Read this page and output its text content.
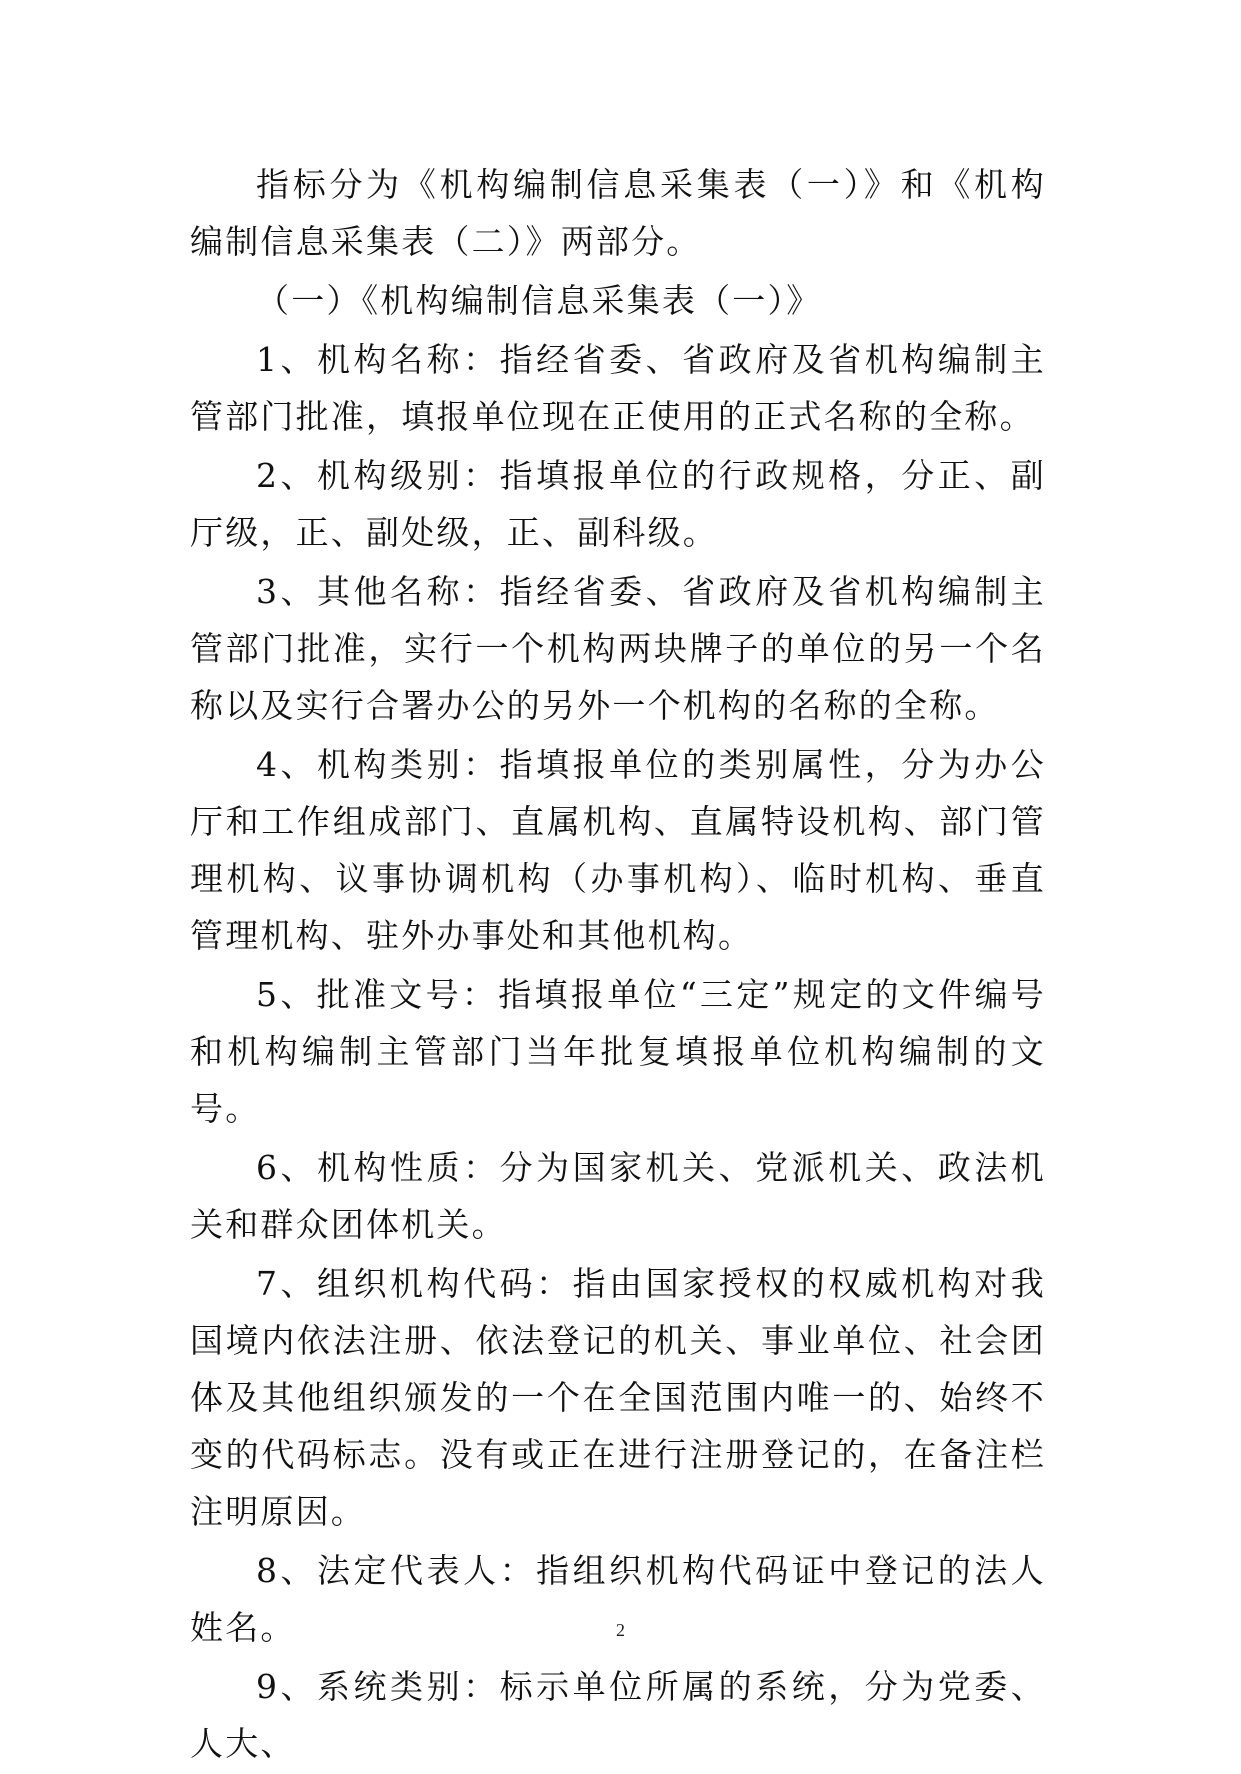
指标分为《机构编制信息采集表（一）》和《机构编制信息采集表（二）》两部分。

（一）《机构编制信息采集表（一）》

1、机构名称：指经省委、省政府及省机构编制主管部门批准，填报单位现在正使用的正式名称的全称。

2、机构级别：指填报单位的行政规格，分正、副厅级，正、副处级，正、副科级。

3、其他名称：指经省委、省政府及省机构编制主管部门批准，实行一个机构两块牌子的单位的另一个名称以及实行合署办公的另外一个机构的名称的全称。

4、机构类别：指填报单位的类别属性，分为办公厅和工作组成部门、直属机构、直属特设机构、部门管理机构、议事协调机构（办事机构）、临时机构、垂直管理机构、驻外办事处和其他机构。

5、批准文号：指填报单位“三定”规定的文件编号和机构编制主管部门当年批复填报单位机构编制的文号。

6、机构性质：分为国家机关、党派机关、政法机关和群众团体机关。

7、组织机构代码：指由国家授权的权威机构对我国境内依法注册、依法登记的机关、事业单位、社会团体及其他组织颁发的一个在全国范围内唯一的、始终不变的代码标志。没有或正在进行注册登记的，在备注栏注明原因。

8、法定代表人：指组织机构代码证中登记的法人姓名。

9、系统类别：标示单位所属的系统，分为党委、人大、

2
